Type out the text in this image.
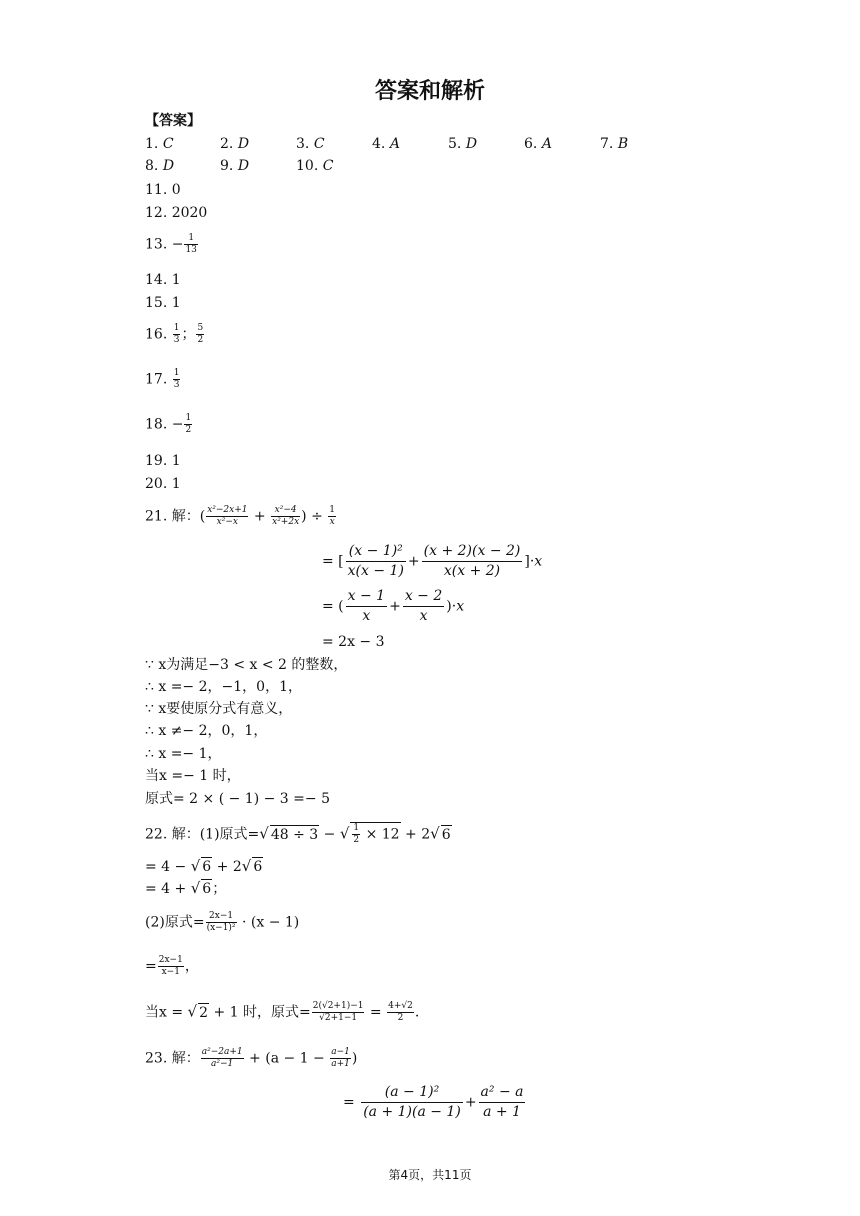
答案和解析
【答案】
1. C	2. D	3. C	4. A	5. D	6. A	7. B
8. D	9. D	10. C
11. 0
12. 2020
13. − $\frac{1}{13}$
14. 1
15. 1
16. $\frac{1}{3}$ ； $\frac{5}{2}$
17. $\frac{1}{3}$
18. − $\frac{1}{2}$
19. 1
20. 1
21. 解：( $\frac{\text{x²−2x+1}}{\text{x²−x}} + \frac{\text{x²−4}}{\text{x²+2x}}$ ) ÷ $\frac{1}{x}$
= [ $\frac{\text{(x − 1)²}}{x(x - 1)} + \frac{(x + 2)(x - 2)}{x(x + 2)} ]\cdot x$
= ( $\frac{x - 1}{x} + \frac{x - 2}{x} )\cdot x$
= 2x − 3
∵ x为满足−3 < x < 2 的整数，
∴ x =− 2，−1，0，1，
∵ x要使原分式有意义，
∴ x ≠− 2，0，1，
∴ x =− 1，
当x =− 1 时，
原式= 2 × ( − 1) − 3 =− 5
22. 解：(1)原式=√ 48 ÷ 3 − √ $\frac{1}{2} \times 12 + 2√$ 6
= 4 − √ 6 + 2√ 6
= 4 + √ 6；
(2)原式= $\frac{2x-1}{\text{(x−1)²}} \cdot (x - 1)$
= $\frac{2x-1}{x-1}$ ，
当x = √ 2 + 1 时，原式= $\frac{2(√2+1)-1}{√2+1-1} = \frac{4+√2}{2}$ .
23. 解： $\frac{\text{a²−2a+1}}{\text{a²−1}} + (a - 1 - \frac{a-1}{a+1}$ )
= $\frac{\text{(a − 1)²}}{(a + 1)(a - 1)} + \frac{\text{a² − a}}{a + 1}$
第4页，共11页
